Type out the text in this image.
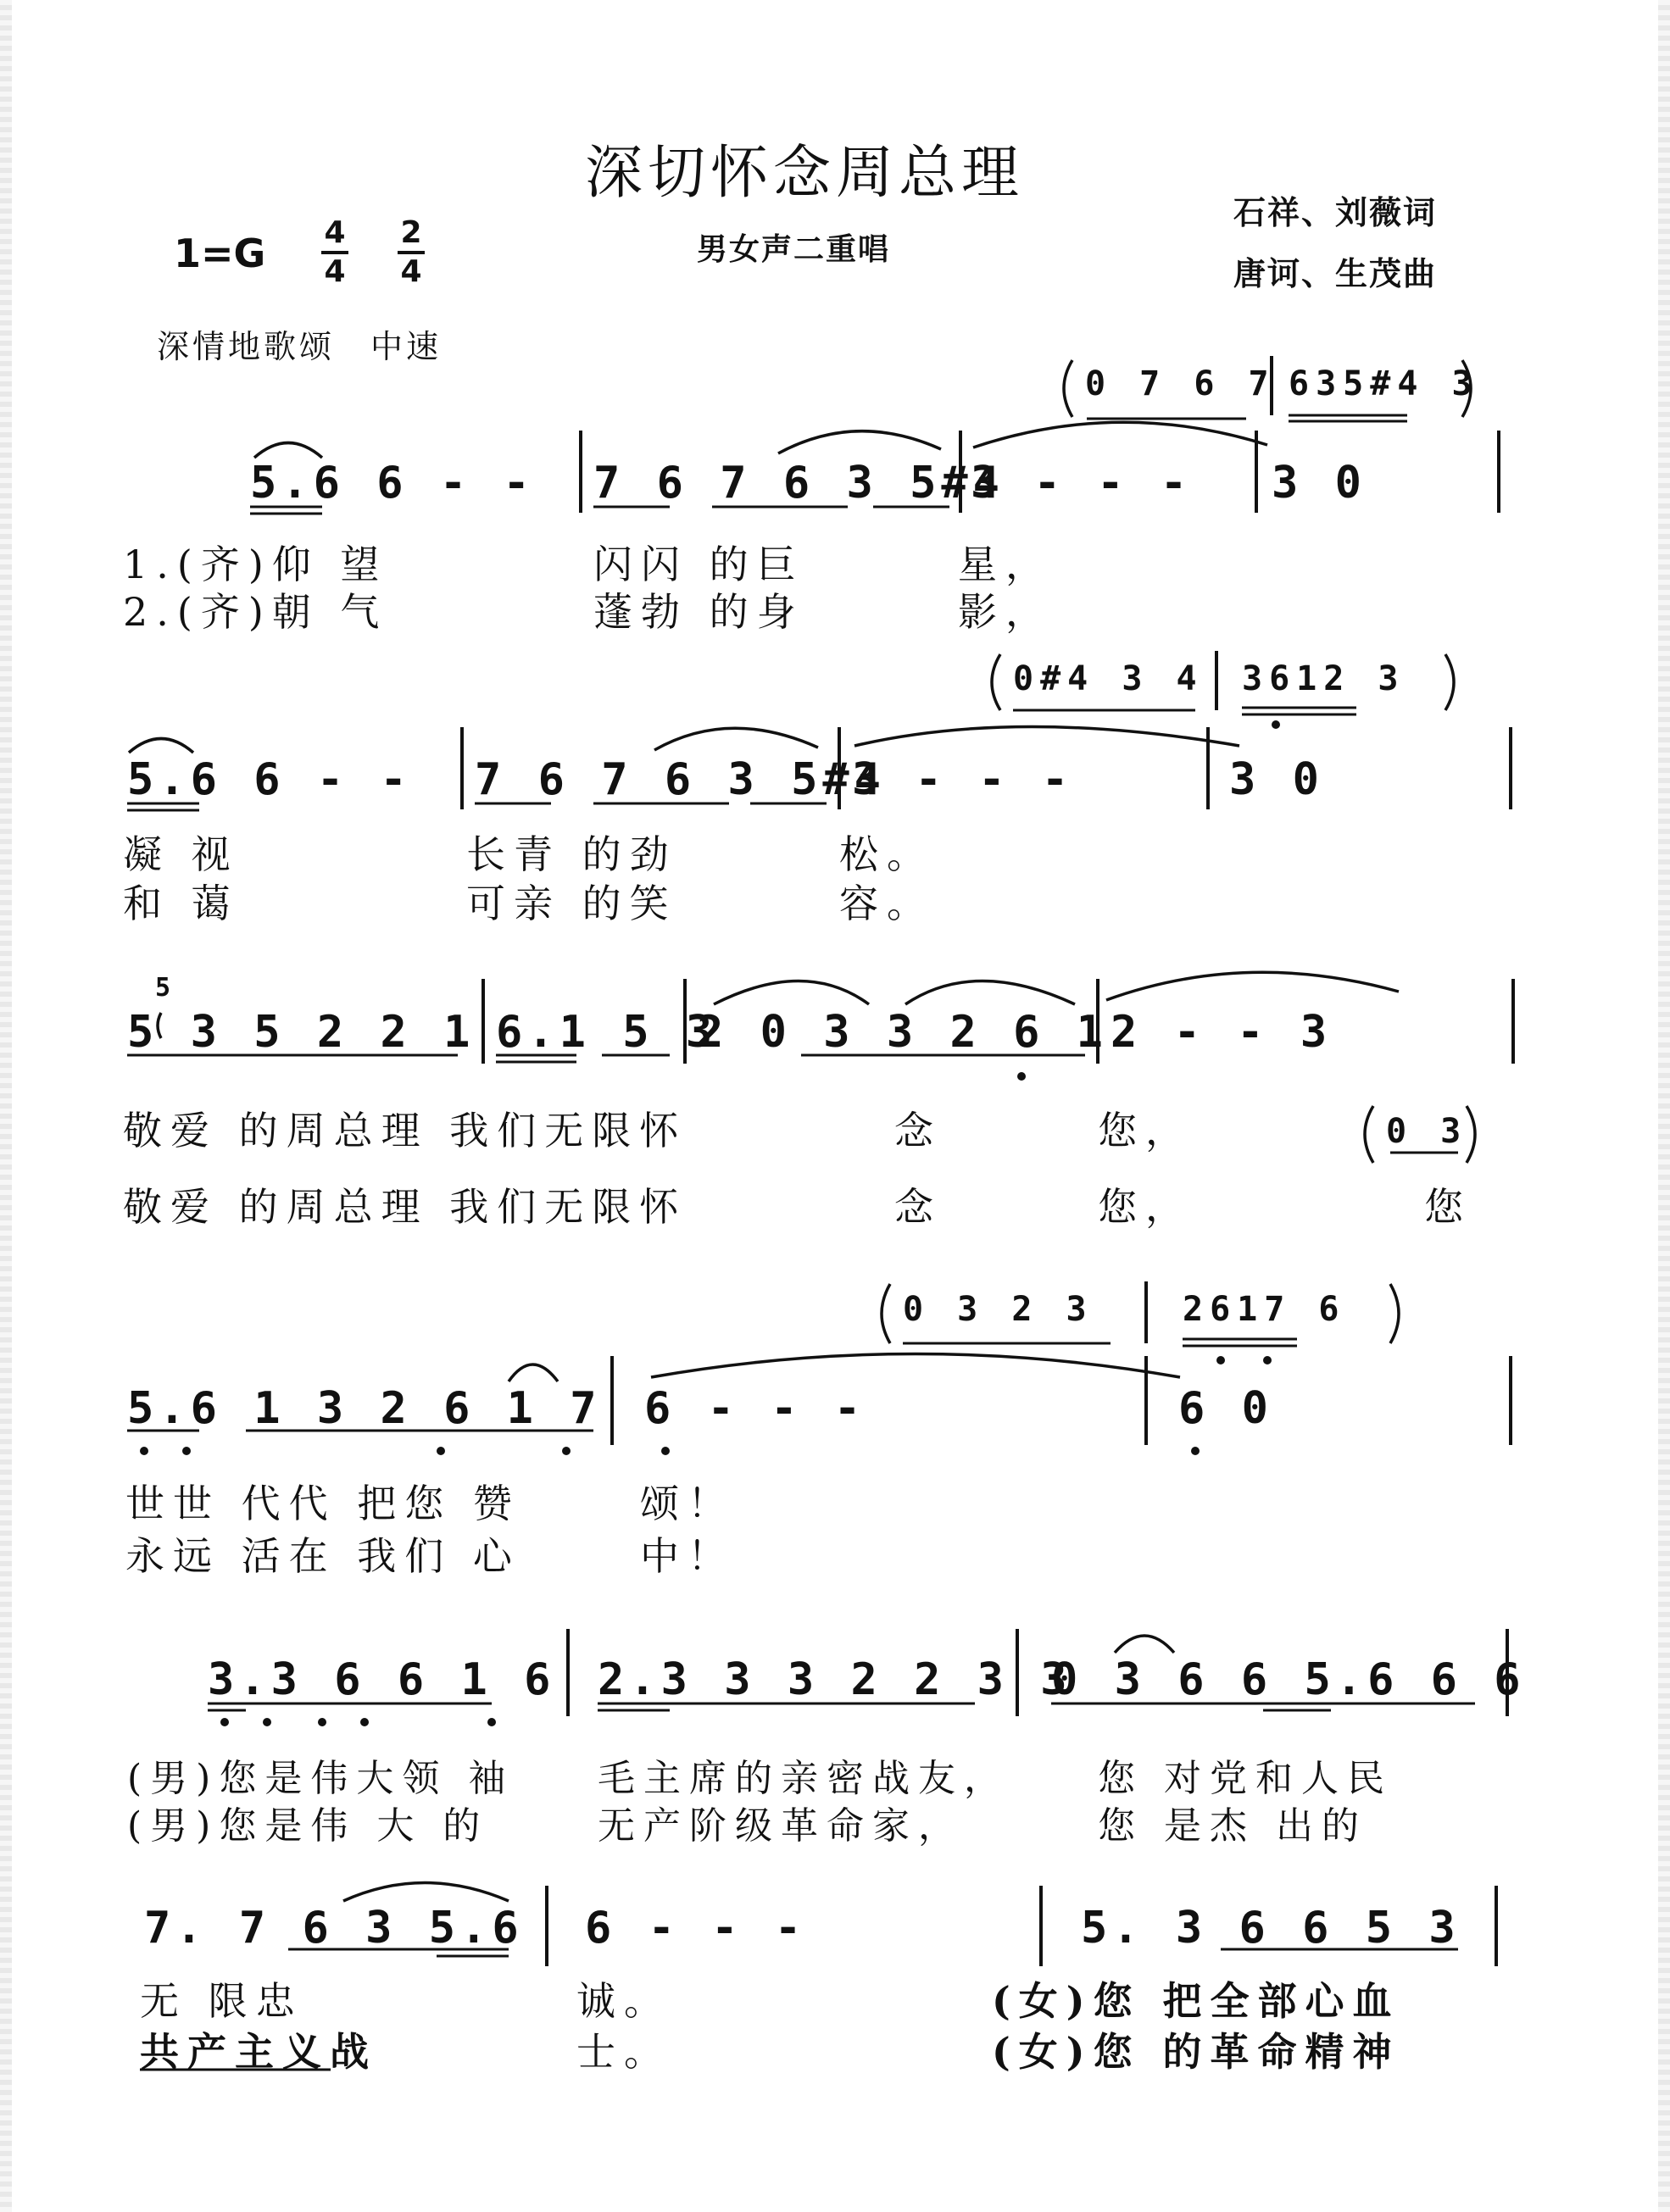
深切怀念周总理
男女声二重唱
石祥、刘薇词
唐诃、生茂曲
1=G 4
4
2
4
深情地歌颂　中速
0 7 6 7 635#4 3
5.6 6 - - 7 6 7 6 3 5#4
3 - - - 3 0
1.(齐)仰 望	闪闪 的巨	星，
2.(齐)朝 气	蓬勃 的身	影，
0#4 3 4 3612 3
5.6 6 - - 7 6 7 6 3 5#4
3 - - -	3 0
凝 视	长青 的劲	松。
和 蔼	可亲 的笑	容。
5
5 3 5 2 2 1 6.1 5 3
2 0 3 3 2 6 1 2 - - 3
0 3
敬爱 的周总理 我们无限怀	念	您，
敬爱 的周总理 我们无限怀	念	您，	您
0 3 2 3	2617 6
5.6 1 3 2 6 1 7 6 - - -	6 0
世世 代代 把您 赞	颂！
永远 活在 我们 心	中！
3.3 6 6 1 6 2.3 3 3 2 2 3 3
0 3 6 6 5.6 6 6
(男)您是伟大领 袖 毛主席的亲密战友， 您 对党和人民
(男)您是伟 大 的	无产阶级革命家，	您 是杰 出的
7. 7 6 3 5.6 6 - - -	5. 3 6 6 5 3
无 限忠	诚。	(女)您 把全部心血
共产主义战	士。	(女)您 的革命精神
